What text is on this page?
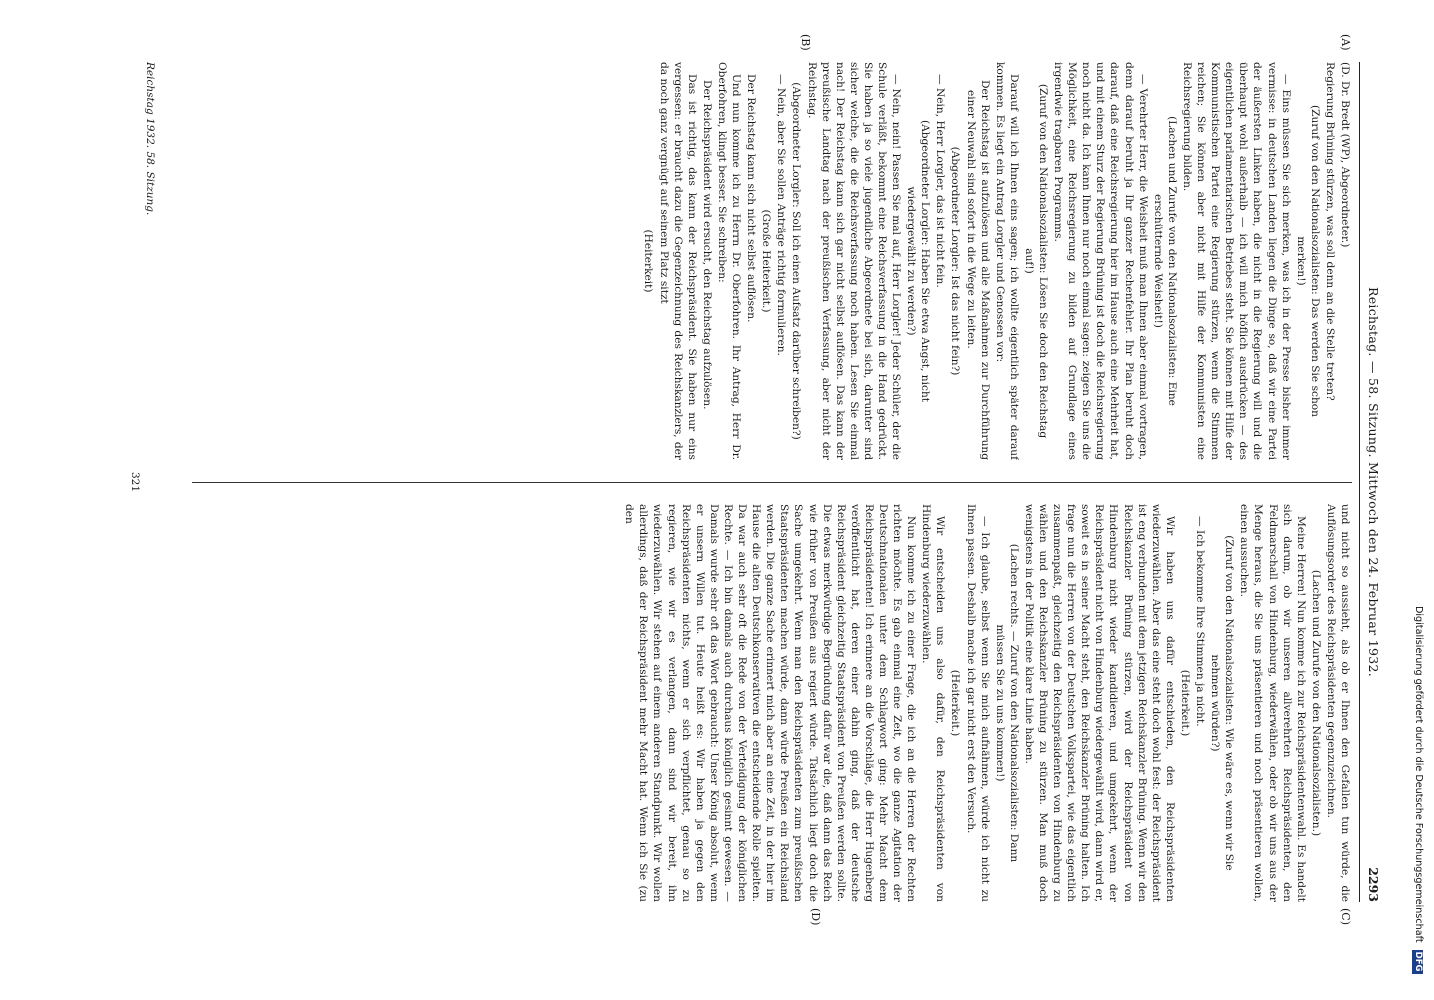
Reichstag. — 58. Sitzung. Mittwoch den 24. Februar 1932.
2293
(A)
(B)
(C)
(D)

(D. Dr. Bredt (WP), Abgeordneter.)

Regierung Brüning stürzen, was soll denn an die Stelle treten?

(Zuruf von den Nationalsozialisten: Das werden Sie schon merken!)

— Eins müssen Sie sich merken, was ich in der Presse bisher immer vermisse: in deutschen Landen liegen die Dinge so, daß wir eine Partei der äußersten Linken haben, die nicht in die Regierung will und die überhaupt wohl außerhalb — ich will mich höflich ausdrücken — des eigentlichen parlamentarischen Betriebes steht. Sie können mit Hilfe der Kommunistischen Partei eine Regierung stürzen, wenn die Stimmen reichen; Sie können aber nicht mit Hilfe der Kommunisten eine Reichsregierung bilden.

(Lachen und Zurufe von den Nationalsozialisten: Eine erschütternde Weisheit!)

— Verehrter Herr, die Weisheit muß man Ihnen aber einmal vortragen, denn darauf beruht ja Ihr ganzer Rechenfehler. Ihr Plan beruht doch darauf, daß eine Reichsregierung hier im Hause auch eine Mehrheit hat, und mit einem Sturz der Regierung Brüning ist doch die Reichsregierung noch nicht da. Ich kann Ihnen nur noch einmal sagen: zeigen Sie uns die Möglichkeit, eine Reichsregierung zu bilden auf Grundlage eines irgendwie tragbaren Programms.

(Zuruf von den Nationalsozialisten: Lösen Sie doch den Reichstag auf!)

Darauf will ich Ihnen eins sagen; ich wollte eigentlich später darauf kommen. Es liegt ein Antrag Lorgler und Genossen vor:

Der Reichstag ist aufzulösen und alle Maßnahmen zur Durchführung einer Neuwahl sind sofort in die Wege zu leiten.

(Abgeordneter Lorgler: Ist das nicht fein?)

— Nein, Herr Lorgler, das ist nicht fein.

(Abgeordneter Lorgler: Haben Sie etwa Angst, nicht wiedergewählt zu werden?)

— Nein, nein! Passen Sie mal auf, Herr Lorgler! Jeder Schüler, der die Schule verläßt, bekommt eine Reichsverfassung in die Hand gedrückt. Sie haben ja so viele jugendliche Abgeordnete bei sich, darunter sind sicher welche, die die Reichsverfassung noch haben. Lesen Sie einmal nach! Der Reichstag kann sich gar nicht selbst auflösen. Das kann der preußische Landtag nach der preußischen Verfassung, aber nicht der Reichstag.

(Abgeordneter Lorgler: Soll ich einen Aufsatz darüber schreiben?)

— Nein, aber Sie sollen Anträge richtig formulieren.

(Große Heiterkeit.)

Der Reichstag kann sich nicht selbst auflösen.

Und nun komme ich zu Herrn Dr. Oberfohren. Ihr Antrag, Herr Dr. Oberfohren, klingt besser. Sie schreiben:

Der Reichspräsident wird ersucht, den Reichstag aufzulösen.

Das ist richtig, das kann der Reichspräsident. Sie haben nur eins vergessen: er braucht dazu die Gegenzeichnung des Reichskanzlers, der da noch ganz vergnügt auf seinem Platz sitzt

(Heiterkeit)

und nicht so aussieht, als ob er Ihnen den Gefallen tun würde, die Auflösungsorder des Reichspräsidenten gegenzuzeichnen.

(Lachen und Zurufe von den Nationalsozialisten.)

Meine Herren! Nun komme ich zur Reichspräsidentenwahl. Es handelt sich darum, ob wir unseren allverehrten Reichspräsidenten, den Feldmarschall von Hindenburg, wiederwählen, oder ob wir uns aus der Menge heraus, die Sie uns präsentieren und noch präsentieren wollen, einen aussuchen.

(Zuruf von den Nationalsozialisten: Wie wäre es, wenn wir Sie nehmen würden?)

— Ich bekomme Ihre Stimmen ja nicht.

(Heiterkeit.)

Wir haben uns dafür entschieden, den Reichspräsidenten wiederzuwählen. Aber das eine steht doch wohl fest: der Reichspräsident ist eng verbunden mit dem jetzigen Reichskanzler Brüning. Wenn wir den Reichskanzler Brüning stürzen, wird der Reichspräsident von Hindenburg nicht wieder kandidieren, und umgekehrt, wenn der Reichspräsident nicht von Hindenburg wiedergewählt wird, dann wird er, soweit es in seiner Macht steht, den Reichskanzler Brüning halten. Ich frage nun die Herren von der Deutschen Volkspartei, wie das eigentlich zusammenpaßt, gleichzeitig den Reichspräsidenten von Hindenburg zu wählen und den Reichskanzler Brüning zu stürzen. Man muß doch wenigstens in der Politik eine klare Linie haben.

(Lachen rechts. — Zuruf von den Nationalsozialisten: Dann müssen Sie zu uns kommen!)

— Ich glaube, selbst wenn Sie mich aufnähmen, würde ich nicht zu Ihnen passen. Deshalb mache ich gar nicht erst den Versuch.

(Heiterkeit.)

Wir entscheiden uns also dafür, den Reichspräsidenten von Hindenburg wiederzuwählen.

Nun komme ich zu einer Frage, die ich an die Herren der Rechten richten möchte. Es gab einmal eine Zeit, wo die ganze Agitation der Deutschnationalen unter dem Schlagwort ging: Mehr Macht dem Reichspräsidenten! Ich erinnere an die Vorschläge, die Herr Hugenberg veröffentlicht hat, deren einer dahin ging, daß der deutsche Reichspräsident gleichzeitig Staatspräsident von Preußen werden sollte. Die etwas merkwürdige Begründung dafür war die, daß dann das Reich wie früher von Preußen aus regiert würde. Tatsächlich liegt doch die Sache umgekehrt. Wenn man den Reichspräsidenten zum preußischen Staatspräsidenten machen würde, dann würde Preußen ein Reichsland werden. Die ganze Sache erinnert mich aber an eine Zeit, in der hier im Hause die alten Deutschkonservativen die entscheidende Rolle spielten. Da war auch sehr oft die Rede von der Verteidigung der königlichen Rechte. — Ich bin damals auch durchaus königlich gesinnt gewesen. — Damals wurde sehr oft das Wort gebraucht: Unser König absolut, wenn er unsern Willen tut. Heute heißt es: Wir haben ja gegen den Reichspräsidenten nichts, wenn er sich verpflichtet, genau so zu regieren, wie wir es verlangen, dann sind wir bereit, ihn wiederzuwählen. Wir stehen auf einem anderen Standpunkt. Wir wollen allerdings, daß der Reichspräsident mehr Macht hat. Wenn ich Sie (zu den

Reichstag 1932. 58. Sitzung.
321
Digitalisierung gefördert durch die Deutsche Forschungsgemeinschaft DFG
